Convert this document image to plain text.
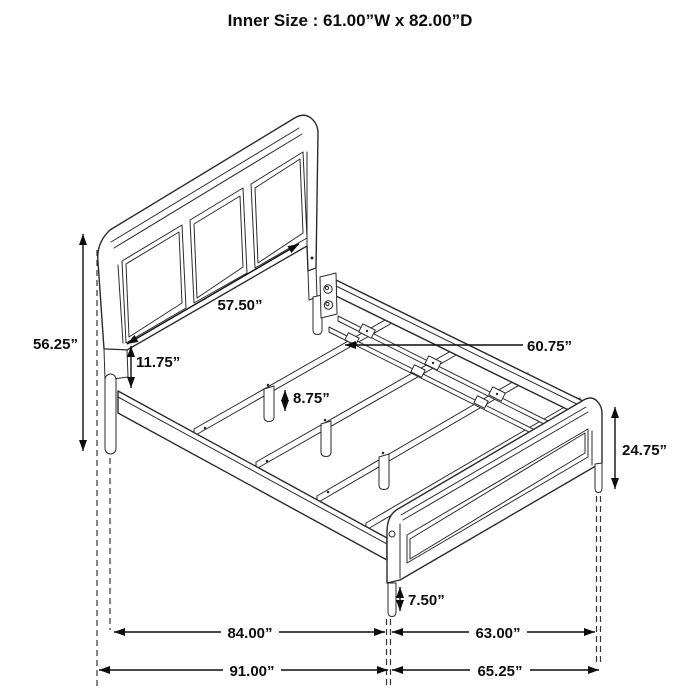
56.25”
11.75”
57.50”
60.75”
8.75”
24.75”
7.50”
84.00”	63.00”
91.00”	65.25”
Inner Size : 61.00”W x 82.00”D
